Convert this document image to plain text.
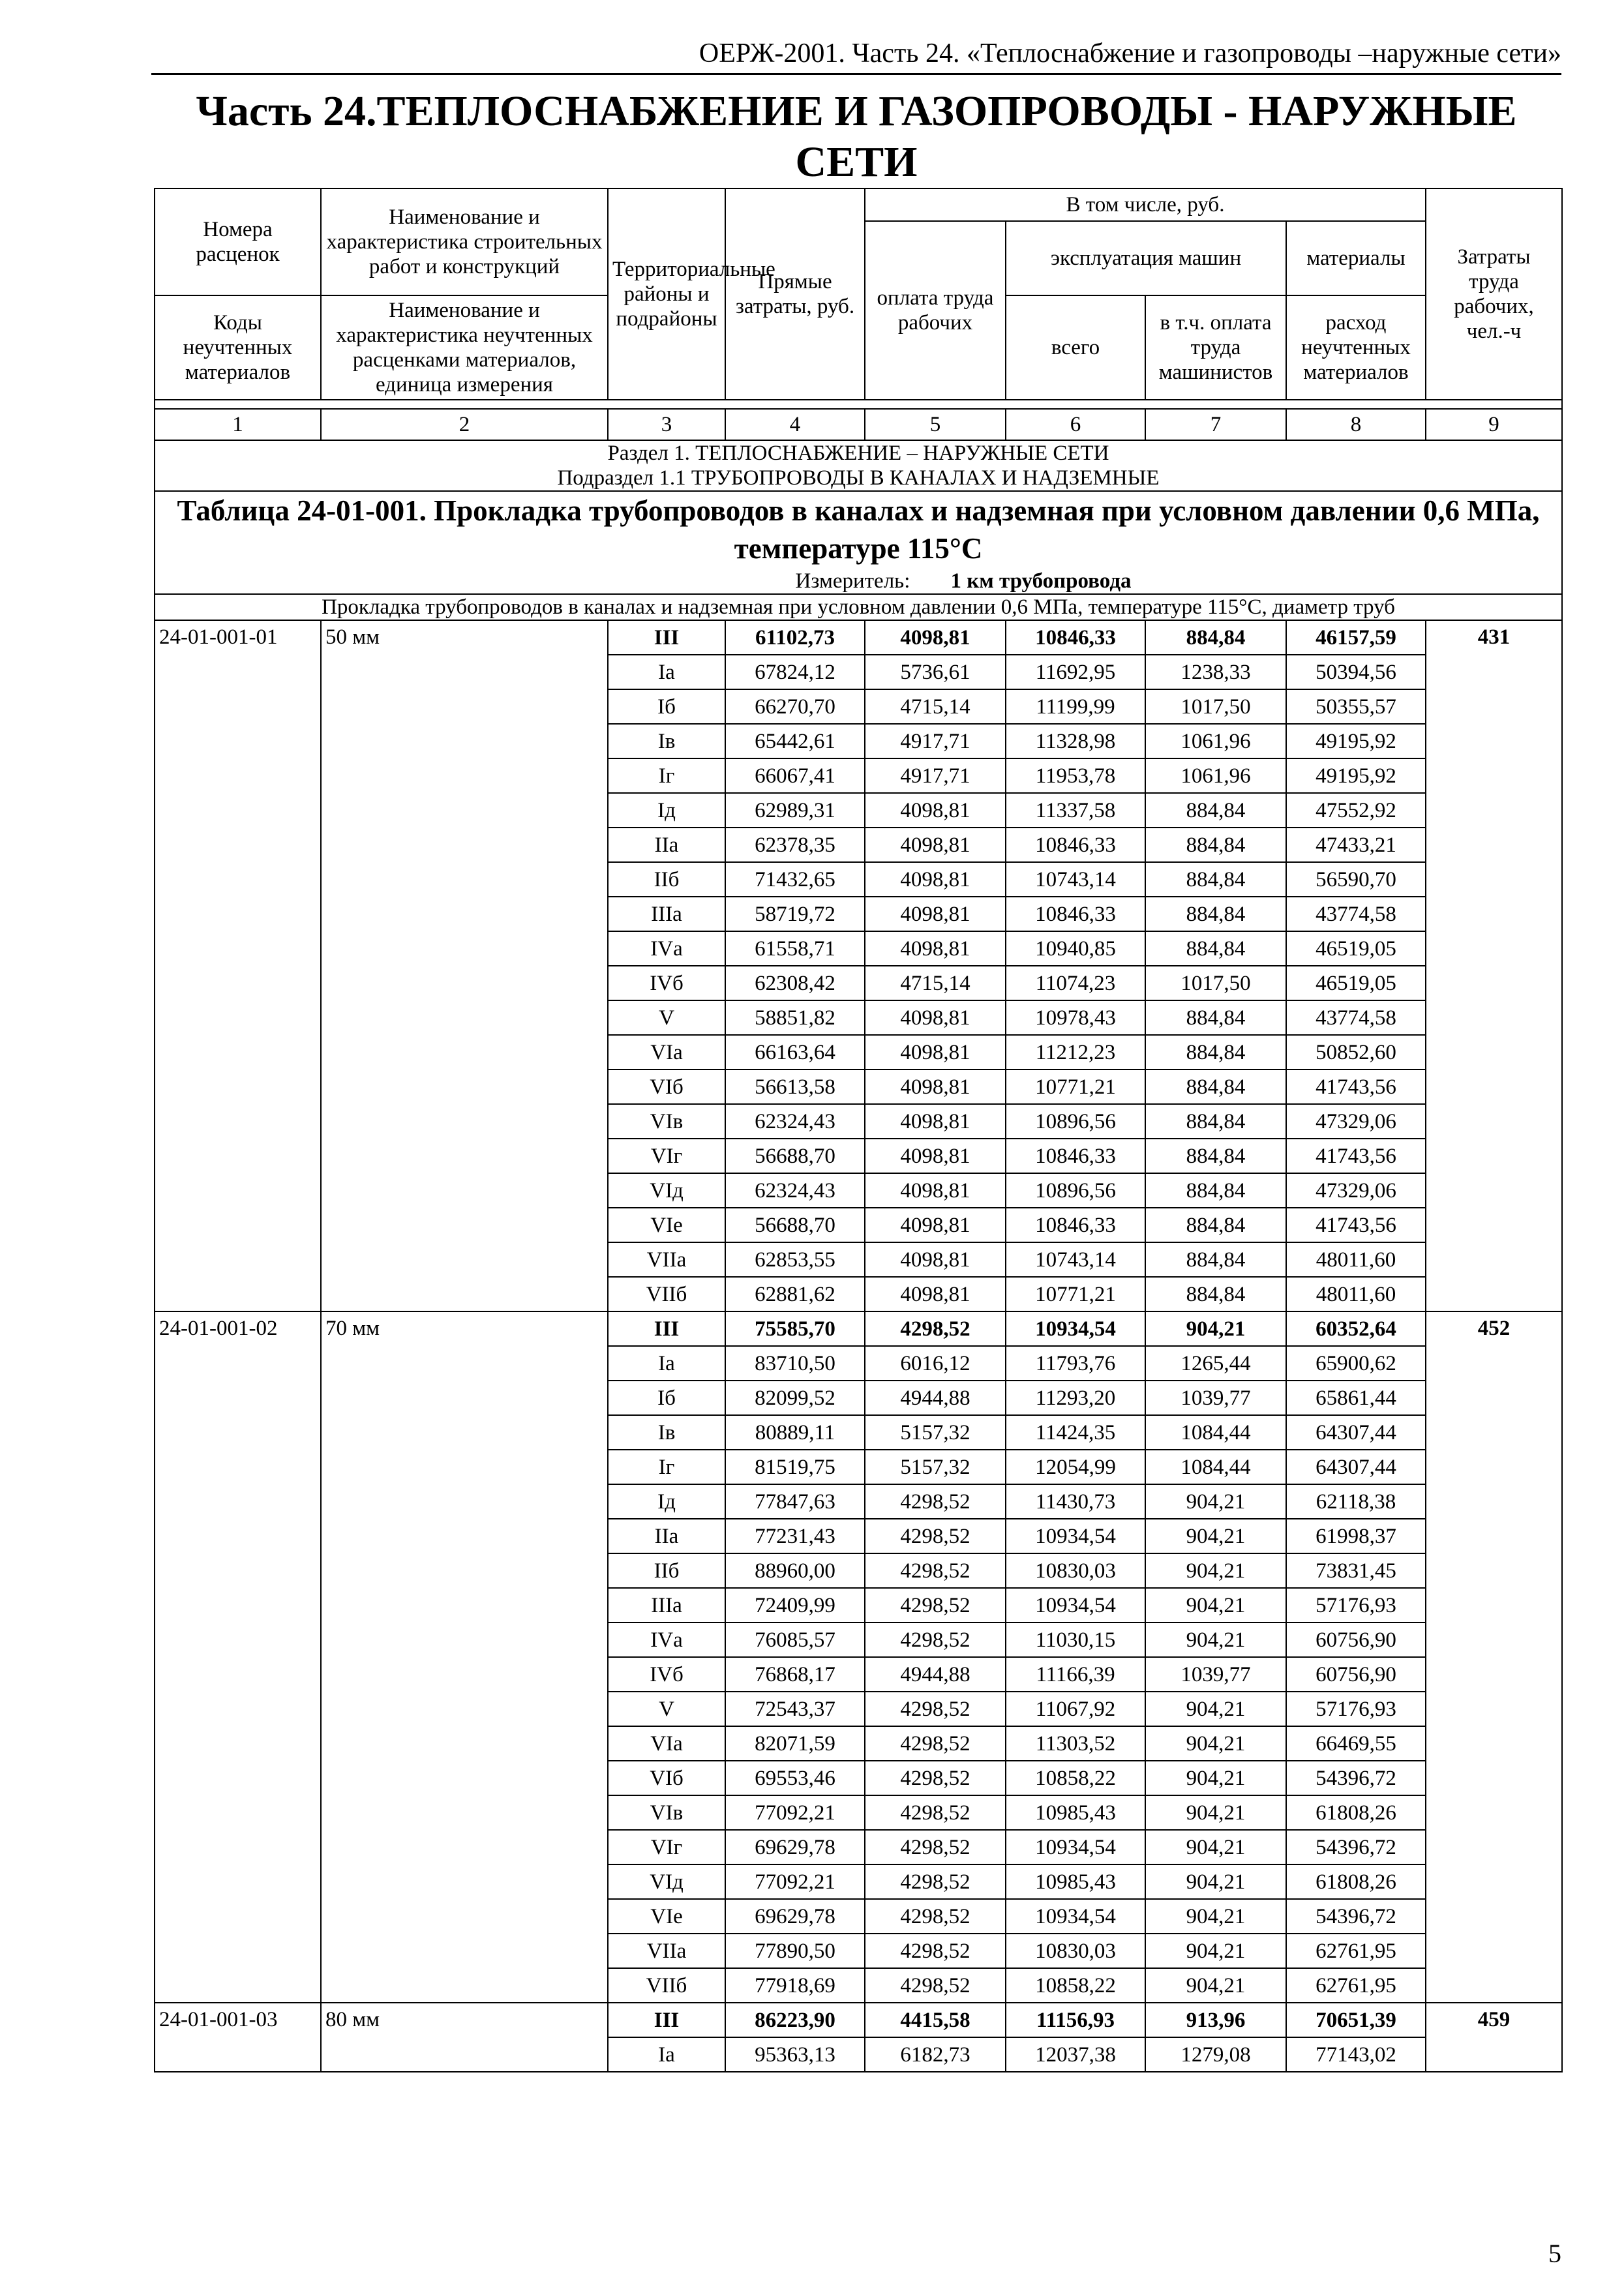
ОЕРЖ-2001. Часть 24. «Теплоснабжение и газопроводы –наружные сети»
Часть 24.ТЕПЛОСНАБЖЕНИЕ И ГАЗОПРОВОДЫ - НАРУЖНЫЕ
СЕТИ
Номера расценок	Наименование и характеристика строительных работ и конструкций	Территориальные районы и подрайоны	Прямые затраты, руб.	В том числе, руб.				Затраты труда рабочих, чел.-ч
				оплата труда рабочих	эксплуатация машин		материалы	
Коды неучтенных материалов	Наименование и характеристика неучтенных расценками материалов, единица измерения				всего	в т.ч. оплата труда машинистов	расход неучтенных материалов	

1	2	3	4	5	6	7	8	9

Раздел 1. ТЕПЛОСНАБЖЕНИЕ – НАРУЖНЫЕ СЕТИ
Подраздел 1.1 ТРУБОПРОВОДЫ В КАНАЛАХ И НАДЗЕМНЫЕ								

Таблица 24-01-001. Прокладка трубопроводов в каналах и надземная при условном давлении 0,6 МПа, температуре 115°С
Измеритель: 1 км трубопровода								

Прокладка трубопроводов в каналах и надземная при условном давлении 0,6 МПа, температуре 115°С, диаметр труб								
24-01-001-01	50 мм	III	61102,73	4098,81	10846,33	884,84	46157,59	431
		Iа	67824,12	5736,61	11692,95	1238,33	50394,56	
		Iб	66270,70	4715,14	11199,99	1017,50	50355,57	
		Iв	65442,61	4917,71	11328,98	1061,96	49195,92	
		Iг	66067,41	4917,71	11953,78	1061,96	49195,92	
		Iд	62989,31	4098,81	11337,58	884,84	47552,92	
		IIа	62378,35	4098,81	10846,33	884,84	47433,21	
		IIб	71432,65	4098,81	10743,14	884,84	56590,70	
		IIIа	58719,72	4098,81	10846,33	884,84	43774,58	
		IVа	61558,71	4098,81	10940,85	884,84	46519,05	
		IVб	62308,42	4715,14	11074,23	1017,50	46519,05	
		V	58851,82	4098,81	10978,43	884,84	43774,58	
		VIа	66163,64	4098,81	11212,23	884,84	50852,60	
		VIб	56613,58	4098,81	10771,21	884,84	41743,56	
		VIв	62324,43	4098,81	10896,56	884,84	47329,06	
		VIг	56688,70	4098,81	10846,33	884,84	41743,56	
		VIд	62324,43	4098,81	10896,56	884,84	47329,06	
		VIе	56688,70	4098,81	10846,33	884,84	41743,56	
		VIIа	62853,55	4098,81	10743,14	884,84	48011,60	
		VIIб	62881,62	4098,81	10771,21	884,84	48011,60	
24-01-001-02	70 мм	III	75585,70	4298,52	10934,54	904,21	60352,64	452
		Iа	83710,50	6016,12	11793,76	1265,44	65900,62	
		Iб	82099,52	4944,88	11293,20	1039,77	65861,44	
		Iв	80889,11	5157,32	11424,35	1084,44	64307,44	
		Iг	81519,75	5157,32	12054,99	1084,44	64307,44	
		Iд	77847,63	4298,52	11430,73	904,21	62118,38	
		IIа	77231,43	4298,52	10934,54	904,21	61998,37	
		IIб	88960,00	4298,52	10830,03	904,21	73831,45	
		IIIа	72409,99	4298,52	10934,54	904,21	57176,93	
		IVа	76085,57	4298,52	11030,15	904,21	60756,90	
		IVб	76868,17	4944,88	11166,39	1039,77	60756,90	
		V	72543,37	4298,52	11067,92	904,21	57176,93	
		VIа	82071,59	4298,52	11303,52	904,21	66469,55	
		VIб	69553,46	4298,52	10858,22	904,21	54396,72	
		VIв	77092,21	4298,52	10985,43	904,21	61808,26	
		VIг	69629,78	4298,52	10934,54	904,21	54396,72	
		VIд	77092,21	4298,52	10985,43	904,21	61808,26	
		VIе	69629,78	4298,52	10934,54	904,21	54396,72	
		VIIа	77890,50	4298,52	10830,03	904,21	62761,95	
		VIIб	77918,69	4298,52	10858,22	904,21	62761,95	
24-01-001-03	80 мм	III	86223,90	4415,58	11156,93	913,96	70651,39	459
		Iа	95363,13	6182,73	12037,38	1279,08	77143,02	
5
